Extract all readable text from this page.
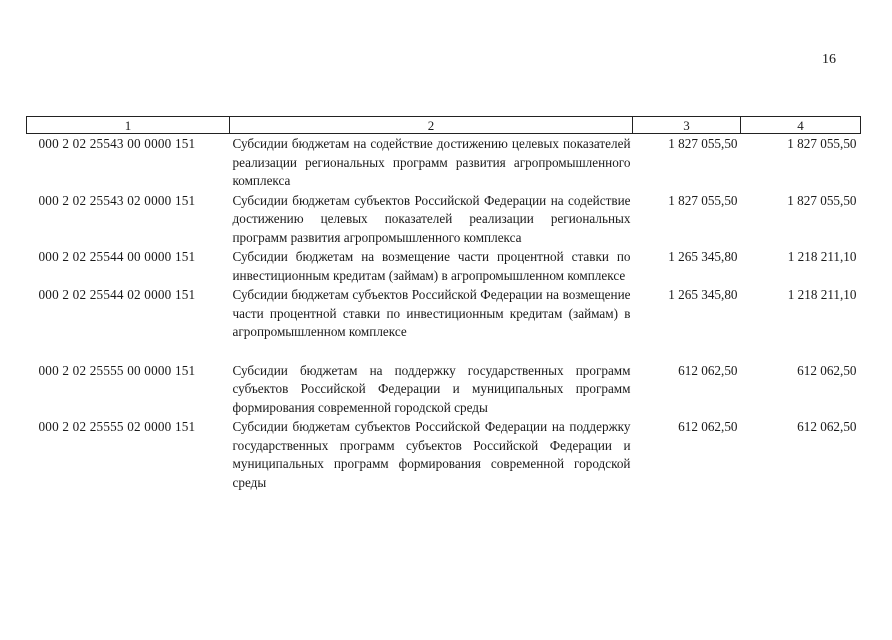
16
1	2	3	4
000 2 02 25543 00 0000 151	Субсидии бюджетам на содействие достижению целевых показателей реализации региональных программ развития агропромышленного комплекса	1 827 055,50	1 827 055,50
000 2 02 25543 02 0000 151	Субсидии бюджетам субъектов Российской Федерации на содействие достижению целевых показателей реализации региональных программ развития агропромышленного комплекса	1 827 055,50	1 827 055,50
000 2 02 25544 00 0000 151	Субсидии бюджетам на возмещение части процентной ставки по инвестиционным кредитам (займам) в агропромышленном комплексе	1 265 345,80	1 218 211,10
000 2 02 25544 02 0000 151	Субсидии бюджетам субъектов Российской Федерации на возмещение части процентной ставки по инвестиционным кредитам (займам) в агропромышленном комплексе	1 265 345,80	1 218 211,10
000 2 02 25555 00 0000 151	Субсидии бюджетам на поддержку государственных программ субъектов Российской Федерации и муниципальных программ формирования современной городской среды	612 062,50	612 062,50
000 2 02 25555 02 0000 151	Субсидии бюджетам субъектов Российской Федерации на поддержку государственных программ субъектов Российской Федерации и муниципальных программ формирования современной городской среды	612 062,50	612 062,50
